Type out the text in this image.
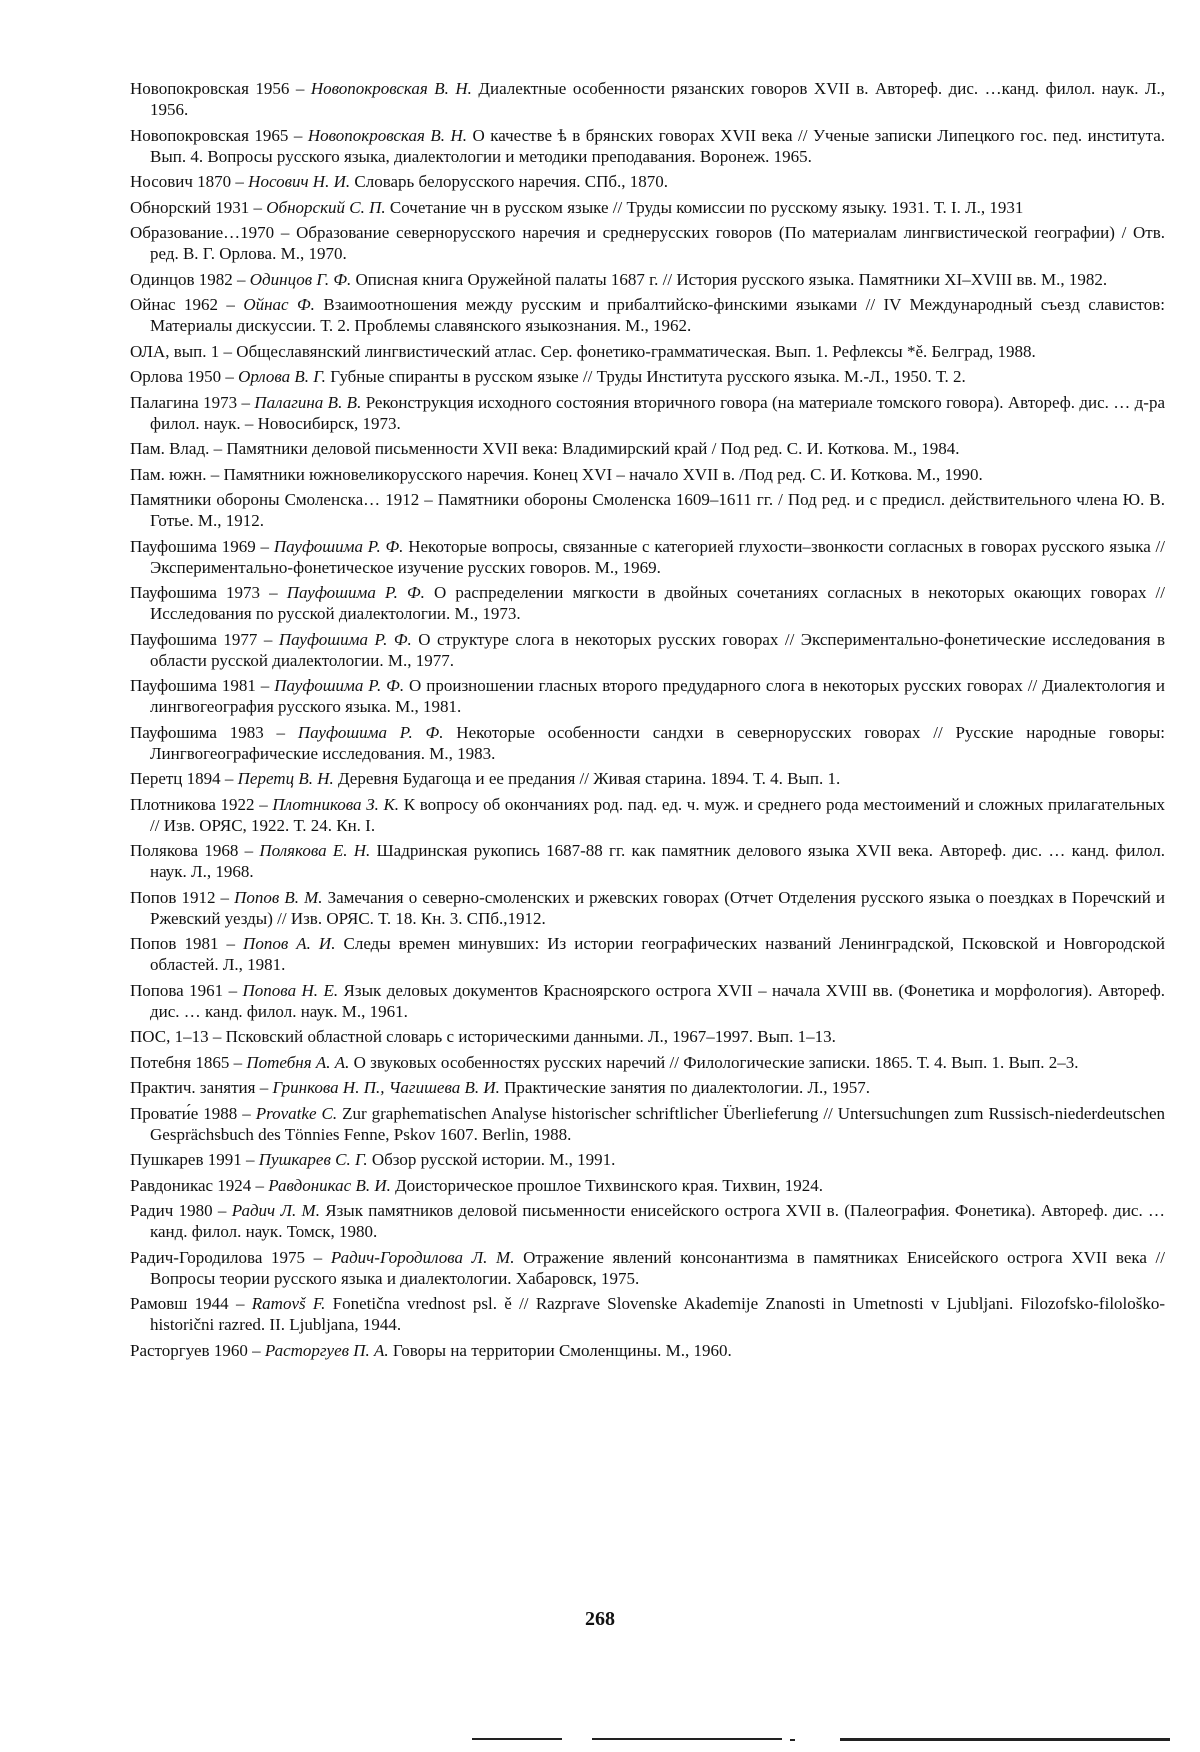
Новопокровская 1956 – Новопокровская В. Н. Диалектные особенности рязанских говоров XVII в. Автореф. дис. …канд. филол. наук. Л., 1956.
Новопокровская 1965 – Новопокровская В. Н. О качестве ѣ в брянских говорах XVII века // Ученые записки Липецкого гос. пед. института. Вып. 4. Вопросы русского языка, диалектологии и методики преподавания. Воронеж. 1965.
Носович 1870 – Носович Н. И. Словарь белорусского наречия. СПб., 1870.
Обнорский 1931 – Обнорский С. П. Сочетание чн в русском языке // Труды комиссии по русскому языку. 1931. Т. I. Л., 1931
Образование…1970 – Образование севернорусского наречия и среднерусских говоров (По материалам лингвистической географии) / Отв. ред. В. Г. Орлова. М., 1970.
Одинцов 1982 – Одинцов Г. Ф. Описная книга Оружейной палаты 1687 г. // История русского языка. Памятники XI–XVIII вв. М., 1982.
Ойнас 1962 – Ойнас Ф. Взаимоотношения между русским и прибалтийско-финскими языками // IV Международный съезд славистов: Материалы дискуссии. Т. 2. Проблемы славянского языкознания. М., 1962.
ОЛА, вып. 1 – Общеславянский лингвистический атлас. Сер. фонетико-грамматическая. Вып. 1. Рефлексы *ě. Белград, 1988.
Орлова 1950 – Орлова В. Г. Губные спиранты в русском языке // Труды Института русского языка. М.-Л., 1950. Т. 2.
Палагина 1973 – Палагина В. В. Реконструкция исходного состояния вторичного говора (на материале томского говора). Автореф. дис. … д-ра филол. наук. – Новосибирск, 1973.
Пам. Влад. – Памятники деловой письменности XVII века: Владимирский край / Под ред. С. И. Коткова. М., 1984.
Пам. южн. – Памятники южновеликорусского наречия. Конец XVI – начало XVII в. /Под ред. С. И. Коткова. М., 1990.
Памятники обороны Смоленска… 1912 – Памятники обороны Смоленска 1609–1611 гг. / Под ред. и с предисл. действительного члена Ю. В. Готье. М., 1912.
Пауфошима 1969 – Пауфошима Р. Ф. Некоторые вопросы, связанные с категорией глухости–звонкости согласных в говорах русского языка // Экспериментально-фонетическое изучение русских говоров. М., 1969.
Пауфошима 1973 – Пауфошима Р. Ф. О распределении мягкости в двойных сочетаниях согласных в некоторых окающих говорах // Исследования по русской диалектологии. М., 1973.
Пауфошима 1977 – Пауфошима Р. Ф. О структуре слога в некоторых русских говорах // Экспериментально-фонетические исследования в области русской диалектологии. М., 1977.
Пауфошима 1981 – Пауфошима Р. Ф. О произношении гласных второго предударного слога в некоторых русских говорах // Диалектология и лингвогеография русского языка. М., 1981.
Пауфошима 1983 – Пауфошима Р. Ф. Некоторые особенности сандхи в севернорусских говорах // Русские народные говоры: Лингвогеографические исследования. М., 1983.
Перетц 1894 – Перетц В. Н. Деревня Будагоща и ее предания // Живая старина. 1894. Т. 4. Вып. 1.
Плотникова 1922 – Плотникова З. К. К вопросу об окончаниях род. пад. ед. ч. муж. и среднего рода местоимений и сложных прилагательных // Изв. ОРЯС, 1922. Т. 24. Кн. I.
Полякова 1968 – Полякова Е. Н. Шадринская рукопись 1687-88 гг. как памятник делового языка XVII века. Автореф. дис. … канд. филол. наук. Л., 1968.
Попов 1912 – Попов В. М. Замечания о северно-смоленских и ржевских говорах (Отчет Отделения русского языка о поездках в Поречский и Ржевский уезды) // Изв. ОРЯС. Т. 18. Кн. 3. СПб.,1912.
Попов 1981 – Попов А. И. Следы времен минувших: Из истории географических названий Ленинградской, Псковской и Новгородской областей. Л., 1981.
Попова 1961 – Попова Н. Е. Язык деловых документов Красноярского острога XVII – начала XVIII вв. (Фонетика и морфология). Автореф. дис. … канд. филол. наук. М., 1961.
ПОС, 1–13 – Псковский областной словарь с историческими данными. Л., 1967–1997. Вып. 1–13.
Потебня 1865 – Потебня А. А. О звуковых особенностях русских наречий // Филологические записки. 1865. Т. 4. Вып. 1. Вып. 2–3.
Практич. занятия – Гринкова Н. П., Чагишева В. И. Практические занятия по диалектологии. Л., 1957.
Провати́е 1988 – Provatke C. Zur graphematischen Analyse historischer schriftlicher Überlieferung // Untersuchungen zum Russisch-niederdeutschen Gesprächsbuch des Tönnies Fenne, Pskov 1607. Berlin, 1988.
Пушкарев 1991 – Пушкарев С. Г. Обзор русской истории. М., 1991.
Равдоникас 1924 – Равдоникас В. И. Доисторическое прошлое Тихвинского края. Тихвин, 1924.
Радич 1980 – Радич Л. М. Язык памятников деловой письменности енисейского острога XVII в. (Палеография. Фонетика). Автореф. дис. … канд. филол. наук. Томск, 1980.
Радич-Городилова 1975 – Радич-Городилова Л. М. Отражение явлений консонантизма в памятниках Енисейского острога XVII века // Вопросы теории русского языка и диалектологии. Хабаровск, 1975.
Рамовш 1944 – Ramovš F. Fonetična vrednost psl. ě // Razprave Slovenske Akademije Znanosti in Umetnosti v Ljubljani. Filozofsko-filološko-historični razred. II. Ljubljana, 1944.
Расторгуев 1960 – Расторгуев П. А. Говоры на территории Смоленщины. М., 1960.
268
